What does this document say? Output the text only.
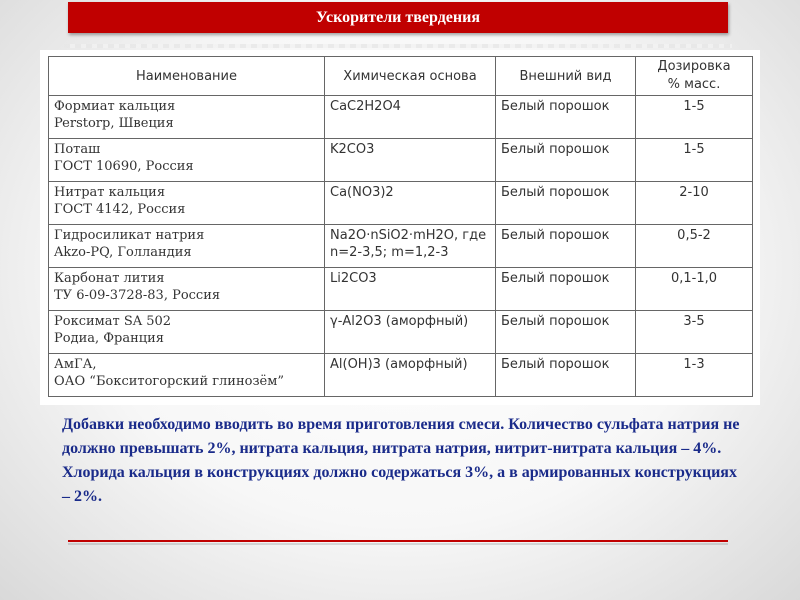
Ускорители твердения
Наименование	Химическая основа	Внешний вид	Дозировка
% масс.

Формиат кальция
Perstorp, Швеция	CaC2H2O4	Белый порошок	1-5
Поташ
ГОСТ 10690, Россия	K2CO3	Белый порошок	1-5
Нитрат кальция
ГОСТ 4142, Россия	Ca(NO3)2	Белый порошок	2-10
Гидросиликат натрия
Akzo-PQ, Голландия	Na2O·nSiO2·mH2O, где n=2-3,5; m=1,2-3	Белый порошок	0,5-2
Карбонат лития
ТУ 6-09-3728-83, Россия	Li2CO3	Белый порошок	0,1-1,0
Роксимат SA 502
Родиа, Франция	γ-Al2O3 (аморфный)	Белый порошок	3-5
АмГА,
ОАО “Бокситогорский глинозём”	Al(OH)3 (аморфный)	Белый порошок	1-3

Добавки необходимо вводить во время приготовления смеси. Количество сульфата натрия не должно превышать 2%, нитрата кальция, нитрата натрия, нитрит-нитрата кальция – 4%.

Хлорида кальция в конструкциях должно содержаться 3%, а в армированных конструкциях – 2%.
